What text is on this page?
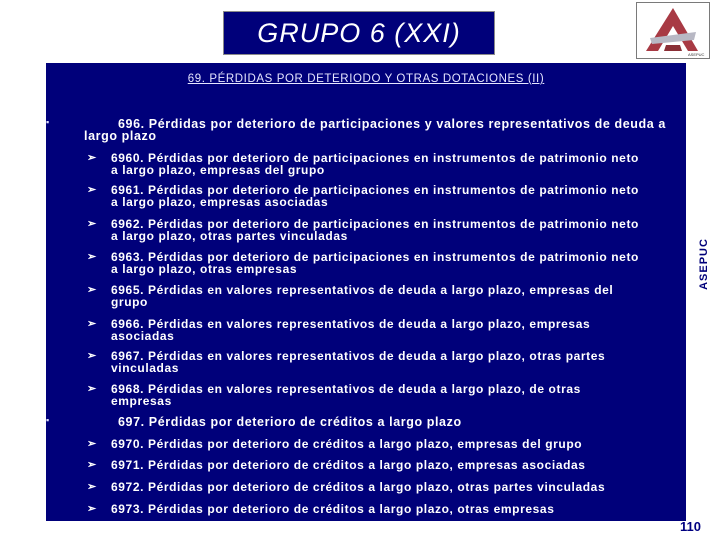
GRUPO 6 (XXI)
ASEPUC
69. PÉRDIDAS POR DETERIODO Y OTRAS DOTACIONES (II)
▪	696. Pérdidas por deterioro de participaciones y valores representativos de deuda a
largo plazo
➢ 6960. Pérdidas por deterioro de participaciones en instrumentos de patrimonio neto
a largo plazo, empresas del grupo
➢ 6961. Pérdidas por deterioro de participaciones en instrumentos de patrimonio neto
a largo plazo, empresas asociadas
➢ 6962. Pérdidas por deterioro de participaciones en instrumentos de patrimonio neto
a largo plazo, otras partes vinculadas
➢ 6963. Pérdidas por deterioro de participaciones en instrumentos de patrimonio neto
a largo plazo, otras empresas
➢ 6965. Pérdidas en valores representativos de deuda a largo plazo, empresas del
grupo
➢ 6966. Pérdidas en valores representativos de deuda a largo plazo, empresas
asociadas
➢ 6967. Pérdidas en valores representativos de deuda a largo plazo, otras partes
vinculadas
➢ 6968. Pérdidas en valores representativos de deuda a largo plazo, de otras
empresas
▪	697. Pérdidas por deterioro de créditos a largo plazo
➢ 6970. Pérdidas por deterioro de créditos a largo plazo, empresas del grupo
➢ 6971. Pérdidas por deterioro de créditos a largo plazo, empresas asociadas
➢ 6972. Pérdidas por deterioro de créditos a largo plazo, otras partes vinculadas
➢ 6973. Pérdidas por deterioro de créditos a largo plazo, otras empresas
ASEPUC
110
